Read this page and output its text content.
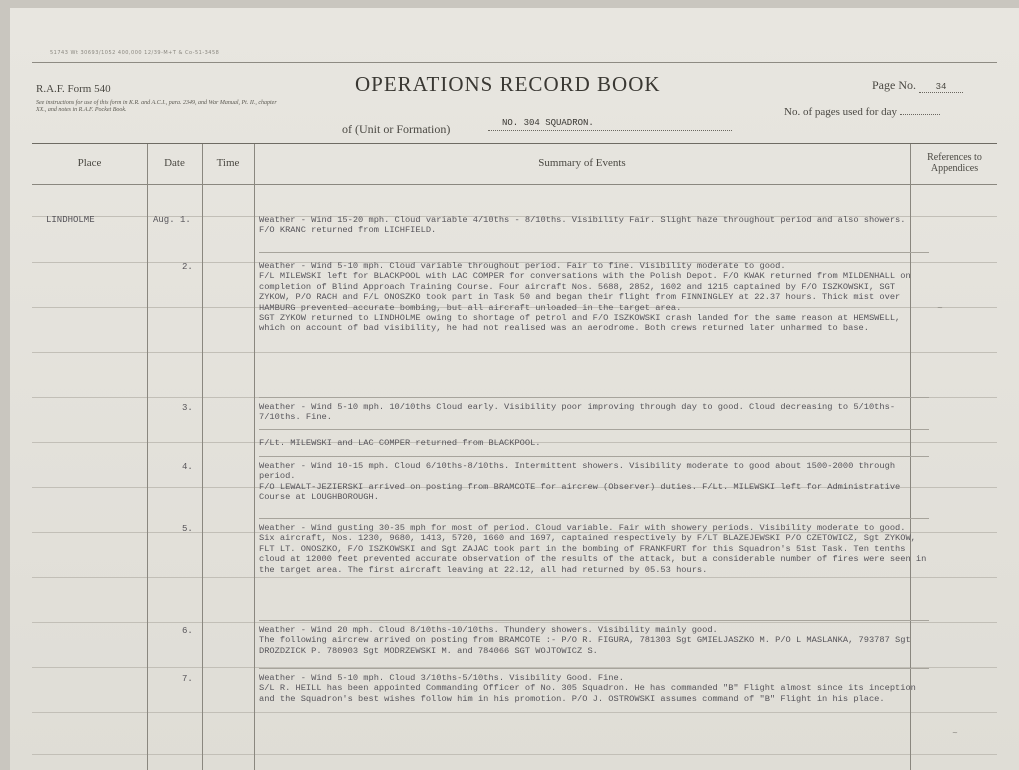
51743 Wt 30693/1052 400,000 12/39-M+T & Co-51-3458
R.A.F. Form 540
See instructions for use of this form in K.R. and A.C.I., para. 2349, and War Manual, Pt. II., chapter XX., and notes in R.A.F. Pocket Book.
OPERATIONS RECORD BOOK
of (Unit or Formation)	NO. 304 SQUADRON.
Page No. 34
No. of pages used for day
Place	Date	Time	Summary of Events	References to Appendices
LINDHOLME	Aug. 1.	Weather - Wind 15-20 mph. Cloud variable 4/10ths - 8/10ths. Visibility Fair. Slight haze throughout period and also showers.

F/O KRANC returned from LICHFIELD.

2.	Weather - Wind 5-10 mph. Cloud variable throughout period. Fair to fine. Visibility moderate to good.

F/L MILEWSKI left for BLACKPOOL with LAC COMPER for conversations with the Polish Depot. F/O KWAK returned from MILDENHALL on completion of Blind Approach Training Course. Four aircraft Nos. 5688, 2852, 1602 and 1215 captained by F/O ISZKOWSKI, SGT ZYKOW, P/O RACH and F/L ONOSZKO took part in Task 50 and began their flight from FINNINGLEY at 22.37 hours. Thick mist over HAMBURG prevented accurate bombing, but all aircraft unloaded in the target area.

SGT ZYKOW returned to LINDHOLME owing to shortage of petrol and F/O ISZKOWSKI crash landed for the same reason at HEMSWELL, which on account of bad visibility, he had not realised was an aerodrome. Both crews returned later unharmed to base.

~
3.	Weather - Wind 5-10 mph. 10/10ths Cloud early. Visibility poor improving through day to good. Cloud decreasing to 5/10ths-7/10ths. Fine.

F/Lt. MILEWSKI and LAC COMPER returned from BLACKPOOL.

4.	Weather - Wind 10-15 mph. Cloud 6/10ths-8/10ths. Intermittent showers. Visibility moderate to good about 1500-2000 through period.

F/O LEWALT-JEZIERSKI arrived on posting from BRAMCOTE for aircrew (Observer) duties. F/Lt. MILEWSKI left for Administrative Course at LOUGHBOROUGH.

5.	Weather - Wind gusting 30-35 mph for most of period. Cloud variable. Fair with showery periods. Visibility moderate to good.

Six aircraft, Nos. 1230, 9680, 1413, 5720, 1660 and 1697, captained respectively by F/LT BLAZEJEWSKI P/O CZETOWICZ, Sgt ZYKOW, FLT LT. ONOSZKO, F/O ISZKOWSKI and Sgt ZAJAC took part in the bombing of FRANKFURT for this Squadron's 51st Task. Ten tenths cloud at 12000 feet prevented accurate observation of the results of the attack, but a considerable number of fires were seen in the target area. The first aircraft leaving at 22.12, all had returned by 05.53 hours.

6.	Weather - Wind 20 mph. Cloud 8/10ths-10/10ths. Thundery showers. Visibility mainly good.

The following aircrew arrived on posting from BRAMCOTE :- P/O R. FIGURA, 781303 Sgt GMIELJASZKO M. P/O L MASLANKA, 793787 Sgt DROZDZICK P. 780903 Sgt MODRZEWSKI M. and 784066 SGT WOJTOWICZ S.

7.	Weather - Wind 5-10 mph. Cloud 3/10ths-5/10ths. Visibility Good. Fine.

S/L R. HEILL has been appointed Commanding Officer of No. 305 Squadron. He has commanded "B" Flight almost since its inception and the Squadron's best wishes follow him in his promotion. P/O J. OSTROWSKI assumes command of "B" Flight in his place.

~
